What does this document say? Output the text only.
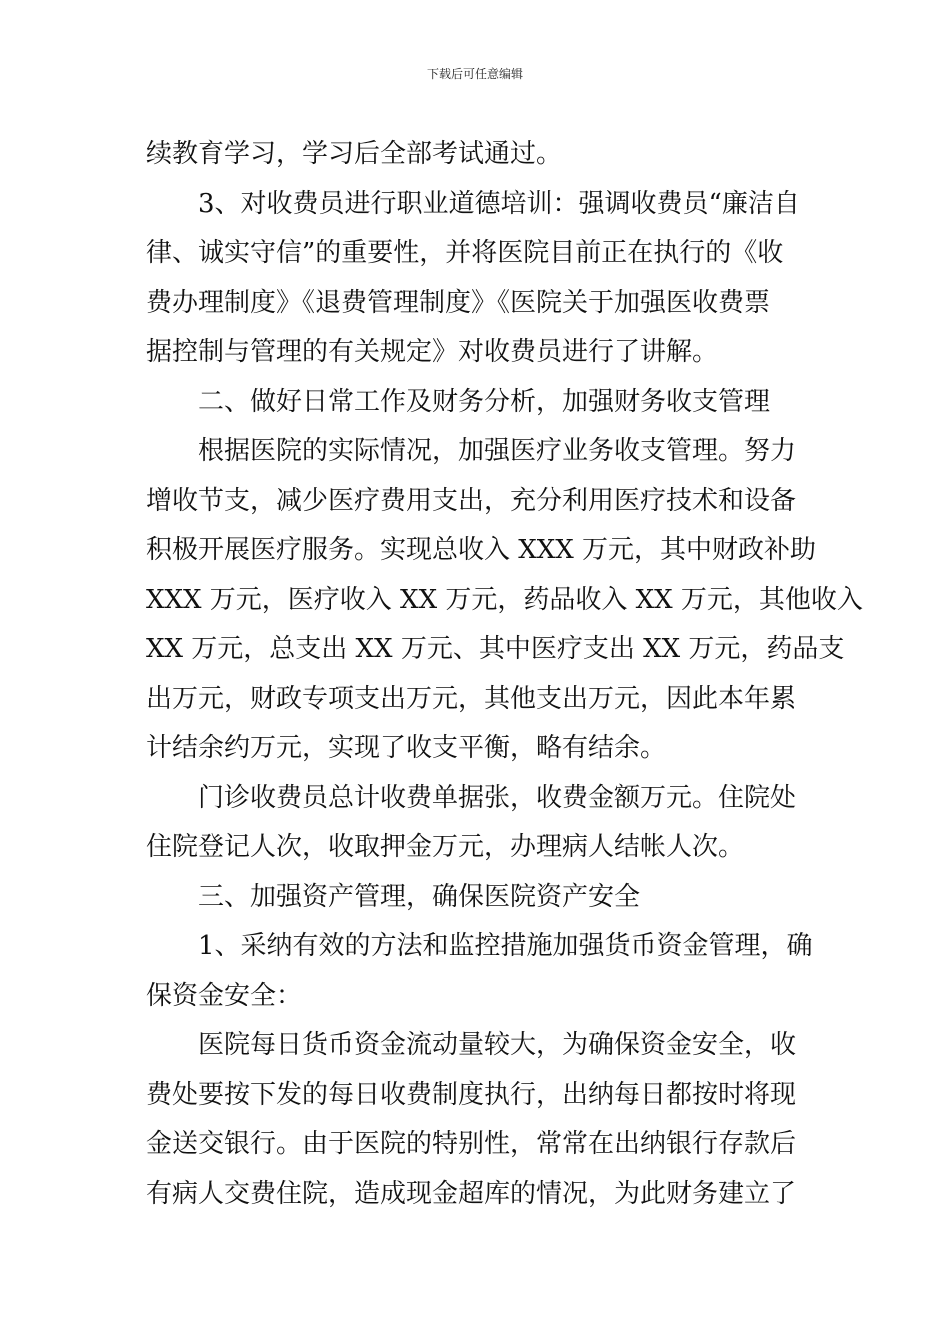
下载后可任意编辑

续教育学习，学习后全部考试通过。

3、对收费员进行职业道德培训：强调收费员“廉洁自
律、诚实守信”的重要性，并将医院目前正在执行的《收
费办理制度》《退费管理制度》《医院关于加强医收费票
据控制与管理的有关规定》对收费员进行了讲解。

二、做好日常工作及财务分析，加强财务收支管理

根据医院的实际情况，加强医疗业务收支管理。努力
增收节支，减少医疗费用支出，充分利用医疗技术和设备
积极开展医疗服务。实现总收入 XXX 万元，其中财政补助
XXX 万元，医疗收入 XX 万元，药品收入 XX 万元，其他收入
XX 万元，总支出 XX 万元、其中医疗支出 XX 万元，药品支
出万元，财政专项支出万元，其他支出万元，因此本年累
计结余约万元，实现了收支平衡，略有结余。

门诊收费员总计收费单据张，收费金额万元。住院处
住院登记人次，收取押金万元，办理病人结帐人次。

三、加强资产管理，确保医院资产安全

1、采纳有效的方法和监控措施加强货币资金管理，确
保资金安全：

医院每日货币资金流动量较大，为确保资金安全，收
费处要按下发的每日收费制度执行，出纳每日都按时将现
金送交银行。由于医院的特别性，常常在出纳银行存款后
有病人交费住院，造成现金超库的情况，为此财务建立了
